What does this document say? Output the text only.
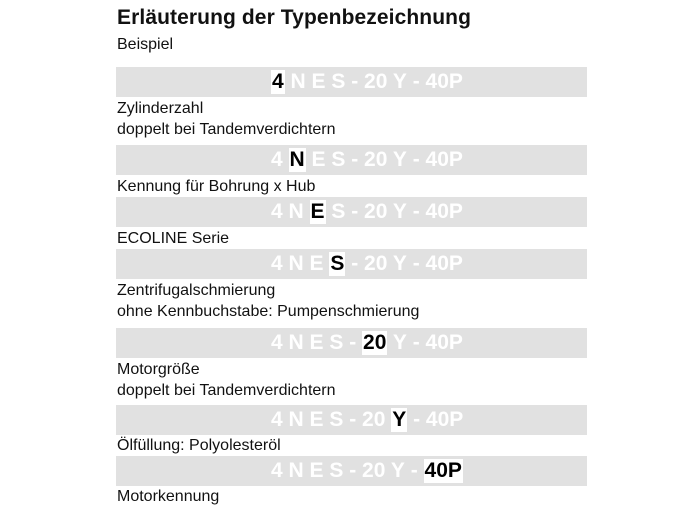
Erläuterung der Typenbezeichnung
Beispiel
4 N E S - 20 Y - 40P
Zylinderzahl
doppelt bei Tandemverdichtern
4
N E S - 20 Y - 40P
Kennung für Bohrung x Hub
4 N
E S - 20 Y - 40P
ECOLINE Serie
4 N E
S - 20 Y - 40P
Zentrifugalschmierung
ohne Kennbuchstabe: Pumpenschmierung
4 N E S - 20 Y - 40P
Motorgröße
doppelt bei Tandemverdichtern
4 N E S - 20
Y - 40P
Ölfüllung: Polyolesteröl
4 N E S - 20 Y - 40P
Motorkennung
